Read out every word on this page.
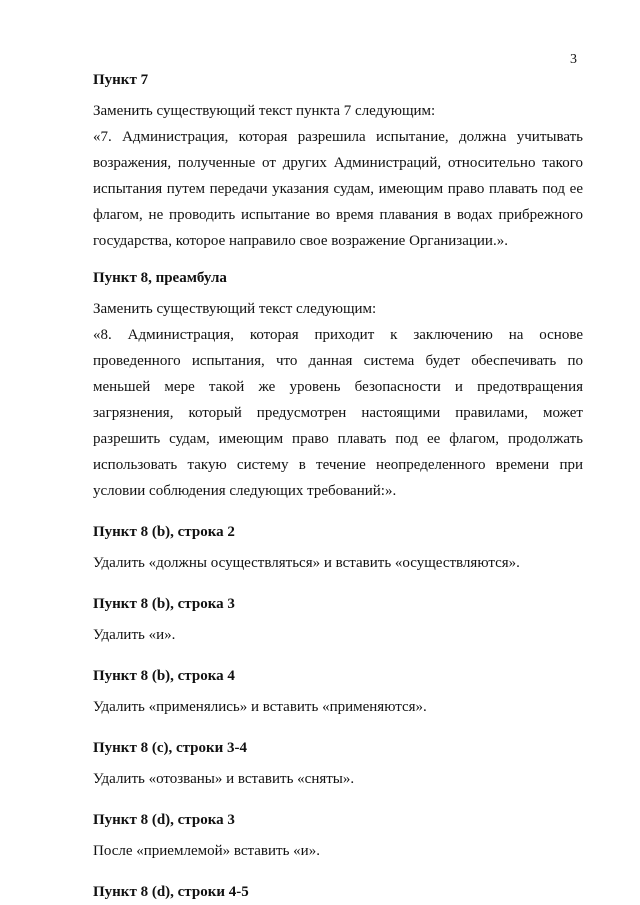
3
Пункт 7
Заменить существующий текст пункта 7 следующим:
«7. Администрация, которая разрешила испытание, должна учитывать возражения, полученные от других Администраций, относительно такого испытания путем передачи указания судам, имеющим право плавать под ее флагом, не проводить испытание во время плавания в водах прибрежного государства, которое направило свое возражение Организации.».
Пункт 8, преамбула
Заменить существующий текст следующим:
«8. Администрация, которая приходит к заключению на основе проведенного испытания, что данная система будет обеспечивать по меньшей мере такой же уровень безопасности и предотвращения загрязнения, который предусмотрен настоящими правилами, может разрешить судам, имеющим право плавать под ее флагом, продолжать использовать такую систему в течение неопределенного времени при условии соблюдения следующих требований:».
Пункт 8 (b), строка 2
Удалить «должны осуществляться» и вставить «осуществляются».
Пункт 8 (b), строка 3
Удалить «и».
Пункт 8 (b), строка 4
Удалить «применялись» и вставить «применяются».
Пункт 8 (c), строки 3-4
Удалить «отозваны» и вставить «сняты».
Пункт 8 (d), строка 3
После «приемлемой» вставить «и».
Пункт 8 (d), строки 4-5
